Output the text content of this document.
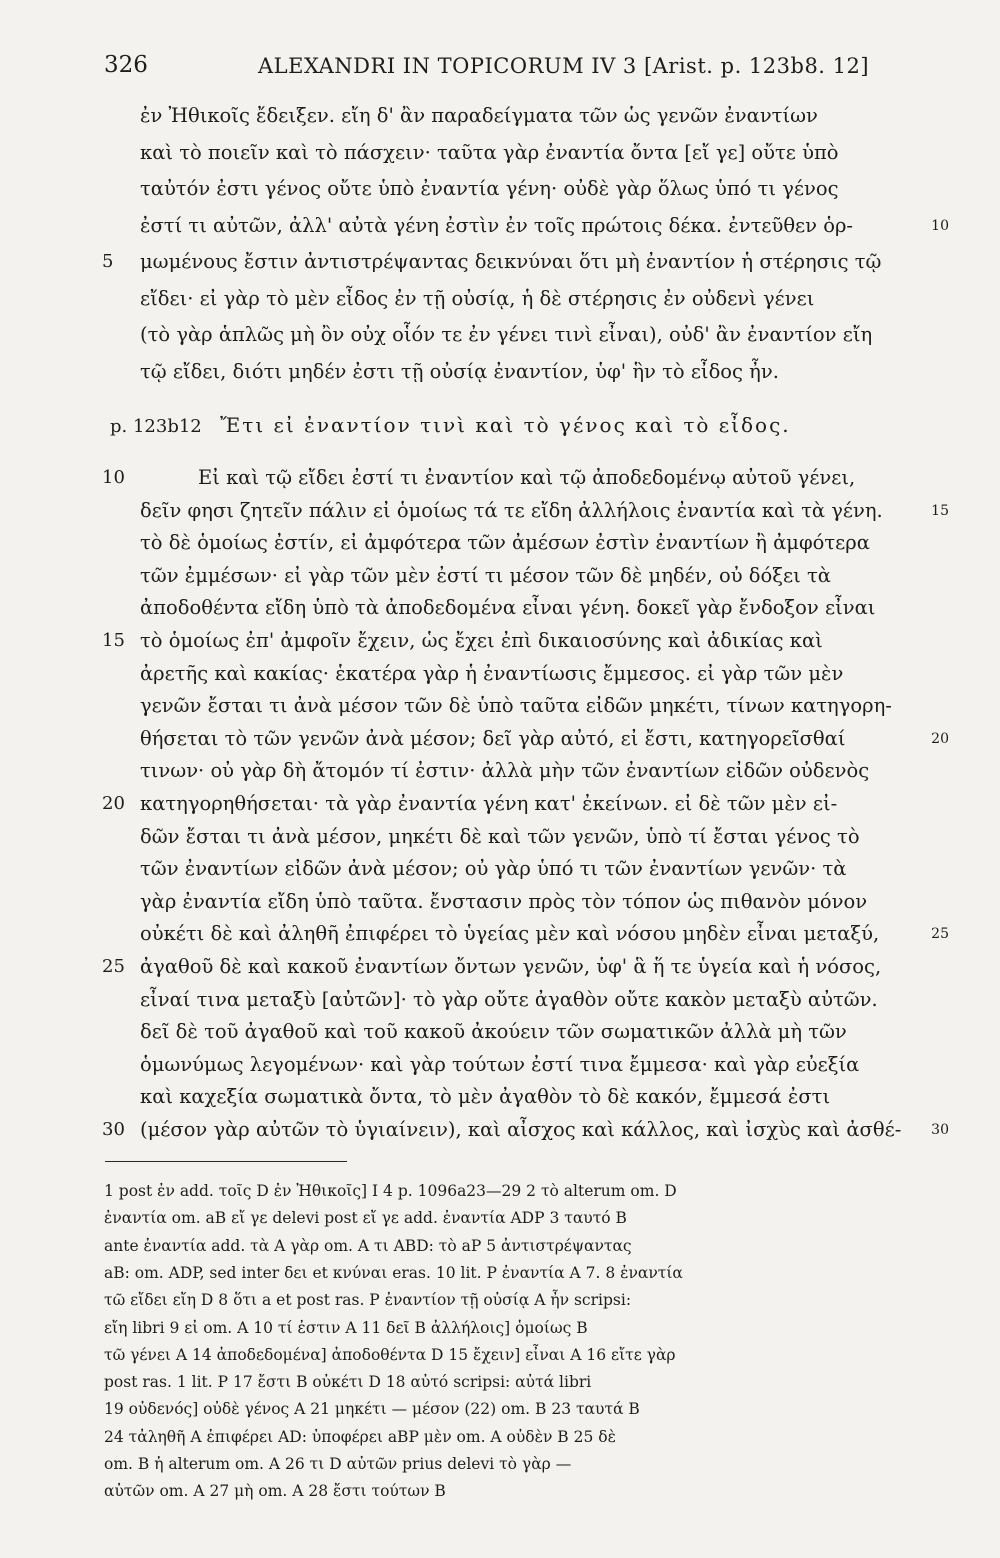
326	ALEXANDRI IN TOPICORUM IV 3 [Arist. p. 123b8. 12]
ἐν Ἠθικοῖς ἔδειξεν. εἴη δ' ἂν παραδείγματα τῶν ὡς γενῶν ἐναντίων
καὶ τὸ ποιεῖν καὶ τὸ πάσχειν· ταῦτα γὰρ ἐναντία ὄντα [εἴ γε] οὔτε ὑπὸ
ταὐτόν ἐστι γένος οὔτε ὑπὸ ἐναντία γένη· οὐδὲ γὰρ ὅλως ὑπό τι γένος
ἐστί τι αὐτῶν, ἀλλ' αὐτὰ γένη ἐστὶν ἐν τοῖς πρώτοις δέκα. ἐντεῦθεν ὁρ-	10
μωμένους ἔστιν ἀντιστρέψαντας δεικνύναι ὅτι μὴ ἐναντίον ἡ στέρησις τῷ
5
εἴδει· εἰ γὰρ τὸ μὲν εἶδος ἐν τῇ οὐσίᾳ, ἡ δὲ στέρησις ἐν οὐδενὶ γένει
(τὸ γὰρ ἁπλῶς μὴ ὂν οὐχ οἷόν τε ἐν γένει τινὶ εἶναι), οὐδ' ἂν ἐναντίον εἴη
τῷ εἴδει, διότι μηδέν ἐστι τῇ οὐσίᾳ ἐναντίον, ὑφ' ἣν τὸ εἶδος ἦν.
p. 123b12 Ἔτι εἰ ἐναντίον τινὶ καὶ τὸ γένος καὶ τὸ εἶδος.
Εἰ καὶ τῷ εἴδει ἐστί τι ἐναντίον καὶ τῷ ἀποδεδομένῳ αὐτοῦ γένει,
10
δεῖν φησι ζητεῖν πάλιν εἰ ὁμοίως τά τε εἴδη ἀλλήλοις ἐναντία καὶ τὰ γένη.	15
τὸ δὲ ὁμοίως ἐστίν, εἰ ἀμφότερα τῶν ἀμέσων ἐστὶν ἐναντίων ἢ ἀμφότερα
τῶν ἐμμέσων· εἰ γὰρ τῶν μὲν ἐστί τι μέσον τῶν δὲ μηδέν, οὐ δόξει τὰ
ἀποδοθέντα εἴδη ὑπὸ τὰ ἀποδεδομένα εἶναι γένη. δοκεῖ γὰρ ἔνδοξον εἶναι
τὸ ὁμοίως ἐπ' ἀμφοῖν ἔχειν, ὡς ἔχει ἐπὶ δικαιοσύνης καὶ ἀδικίας καὶ
15
ἀρετῆς καὶ κακίας· ἑκατέρα γὰρ ἡ ἐναντίωσις ἔμμεσος. εἰ γὰρ τῶν μὲν
γενῶν ἔσται τι ἀνὰ μέσον τῶν δὲ ὑπὸ ταῦτα εἰδῶν μηκέτι, τίνων κατηγορη-
θήσεται τὸ τῶν γενῶν ἀνὰ μέσον; δεῖ γὰρ αὐτό, εἰ ἔστι, κατηγορεῖσθαί	20
τινων· οὐ γὰρ δὴ ἄτομόν τί ἐστιν· ἀλλὰ μὴν τῶν ἐναντίων εἰδῶν οὐδενὸς
κατηγορηθήσεται· τὰ γὰρ ἐναντία γένη κατ' ἐκείνων. εἰ δὲ τῶν μὲν εἰ-
20
δῶν ἔσται τι ἀνὰ μέσον, μηκέτι δὲ καὶ τῶν γενῶν, ὑπὸ τί ἔσται γένος τὸ
τῶν ἐναντίων εἰδῶν ἀνὰ μέσον; οὐ γὰρ ὑπό τι τῶν ἐναντίων γενῶν· τὰ
γὰρ ἐναντία εἴδη ὑπὸ ταῦτα. ἔνστασιν πρὸς τὸν τόπον ὡς πιθανὸν μόνον
οὐκέτι δὲ καὶ ἀληθῆ ἐπιφέρει τὸ ὑγείας μὲν καὶ νόσου μηδὲν εἶναι μεταξύ,	25
ἀγαθοῦ δὲ καὶ κακοῦ ἐναντίων ὄντων γενῶν, ὑφ' ἃ ἥ τε ὑγεία καὶ ἡ νόσος,
25
εἶναί τινα μεταξὺ [αὐτῶν]· τὸ γὰρ οὔτε ἀγαθὸν οὔτε κακὸν μεταξὺ αὐτῶν.
δεῖ δὲ τοῦ ἀγαθοῦ καὶ τοῦ κακοῦ ἀκούειν τῶν σωματικῶν ἀλλὰ μὴ τῶν
ὁμωνύμως λεγομένων· καὶ γὰρ τούτων ἐστί τινα ἔμμεσα· καὶ γὰρ εὐεξία
καὶ καχεξία σωματικὰ ὄντα, τὸ μὲν ἀγαθὸν τὸ δὲ κακόν, ἔμμεσά ἐστι
(μέσον γὰρ αὐτῶν τὸ ὑγιαίνειν), καὶ αἶσχος καὶ κάλλος, καὶ ἰσχὺς καὶ ἀσθέ-
30	30
1 post ἐν add. τοῖς D ἐν Ἠθικοῖς] I 4 p. 1096a23—29 2 τὸ alterum om. D
ἐναντία om. aB εἴ γε delevi post εἴ γε add. ἐναντία ADP 3 ταυτό B
ante ἐναντία add. τὰ A γὰρ om. A τι ABD: τὸ aP 5 ἀντιστρέψαντας
aB: om. ADP, sed inter δει et κνύναι eras. 10 lit. P ἐναντία A 7. 8 ἐναντία
τῶ εἴδει εἴη D 8 ὅτι a et post ras. P ἐναντίον τῇ οὐσίᾳ A ἦν scripsi:
εἴη libri 9 εἰ om. A 10 τί ἐστιν A 11 δεῖ B ἀλλήλοις] ὁμοίως B
τῶ γένει A 14 ἀποδεδομένα] ἀποδοθέντα D 15 ἔχειν] εἶναι A 16 εἴτε γὰρ
post ras. 1 lit. P 17 ἔστι B οὐκέτι D 18 αὐτό scripsi: αὐτά libri
19 οὐδενός] οὐδὲ γένος A 21 μηκέτι — μέσον (22) om. B 23 ταυτά B
24 τἀληθῆ A ἐπιφέρει AD: ὑποφέρει aBP μὲν om. A οὐδὲν B 25 δὲ
om. B ἡ alterum om. A 26 τι D αὐτῶν prius delevi τὸ γὰρ —
αὐτῶν om. A 27 μὴ om. A 28 ἔστι τούτων B
